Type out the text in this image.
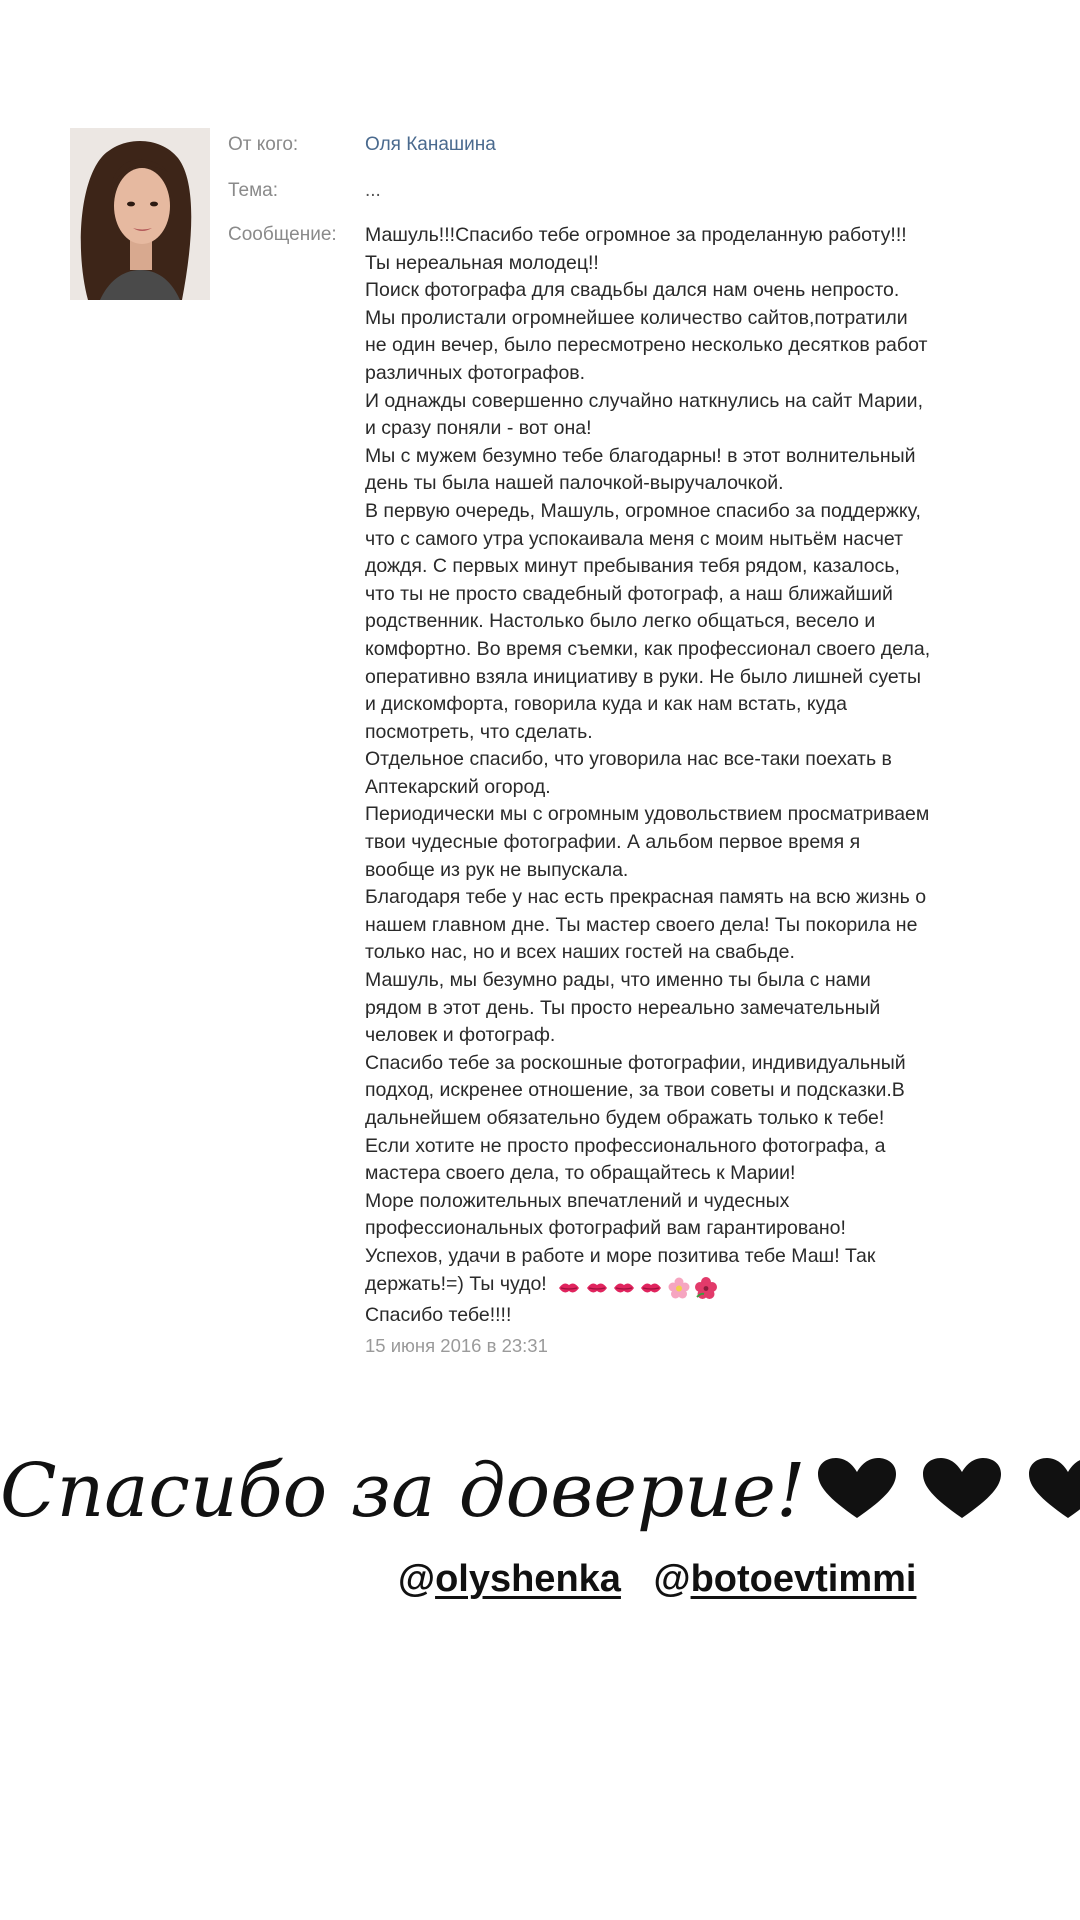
От кого:
Тема:
Сообщение:
Оля Канашина
...

Машуль!!!Спасибо тебе огромное за проделанную работу!!!

Ты нереальная молодец!!

Поиск фотографа для свадьбы дался нам очень непросто.

Мы пролистали огромнейшее количество сайтов,потратили

не один вечер, было пересмотрено несколько десятков работ

различных фотографов.

И однажды совершенно случайно наткнулись на сайт Марии,

и сразу поняли - вот она!

Мы с мужем безумно тебе благодарны! в этот волнительный

день ты была нашей палочкой-выручалочкой.

В первую очередь, Машуль, огромное спасибо за поддержку,

что с самого утра успокаивала меня с моим нытьём насчет

дождя. С первых минут пребывания тебя рядом, казалось,

что ты не просто свадебный фотограф, а наш ближайший

родственник. Настолько было легко общаться, весело и

комфортно. Во время съемки, как профессионал своего дела,

оперативно взяла инициативу в руки. Не было лишней суеты

и дискомфорта, говорила куда и как нам встать, куда

посмотреть, что сделать.

Отдельное спасибо, что уговорила нас все-таки поехать в

Аптекарский огород.

Периодически мы с огромным удовольствием просматриваем

твои чудесные фотографии. А альбом первое время я

вообще из рук не выпускала.

Благодаря тебе у нас есть прекрасная память на всю жизнь о

нашем главном дне. Ты мастер своего дела! Ты покорила не

только нас, но и всех наших гостей на свабьде.

Машуль, мы безумно рады, что именно ты была с нами

рядом в этот день. Ты просто нереально замечательный

человек и фотограф.

Спасибо тебе за роскошные фотографии, индивидуальный

подход, искренее отношение, за твои советы и подсказки.В

дальнейшем обязательно будем ображать только к тебе!

Если хотите не просто профессионального фотографа, а

мастера своего дела, то обращайтесь к Марии!

Море положительных впечатлений и чудесных

профессиональных фотографий вам гарантировано!

Успехов, удачи в работе и море позитива тебе Маш! Так

держать!=) Ты чудо!

Спасибо тебе!!!!

15 июня 2016 в 23:31
Спасибо за доверие!
@olyshenka @botoevtimmi
